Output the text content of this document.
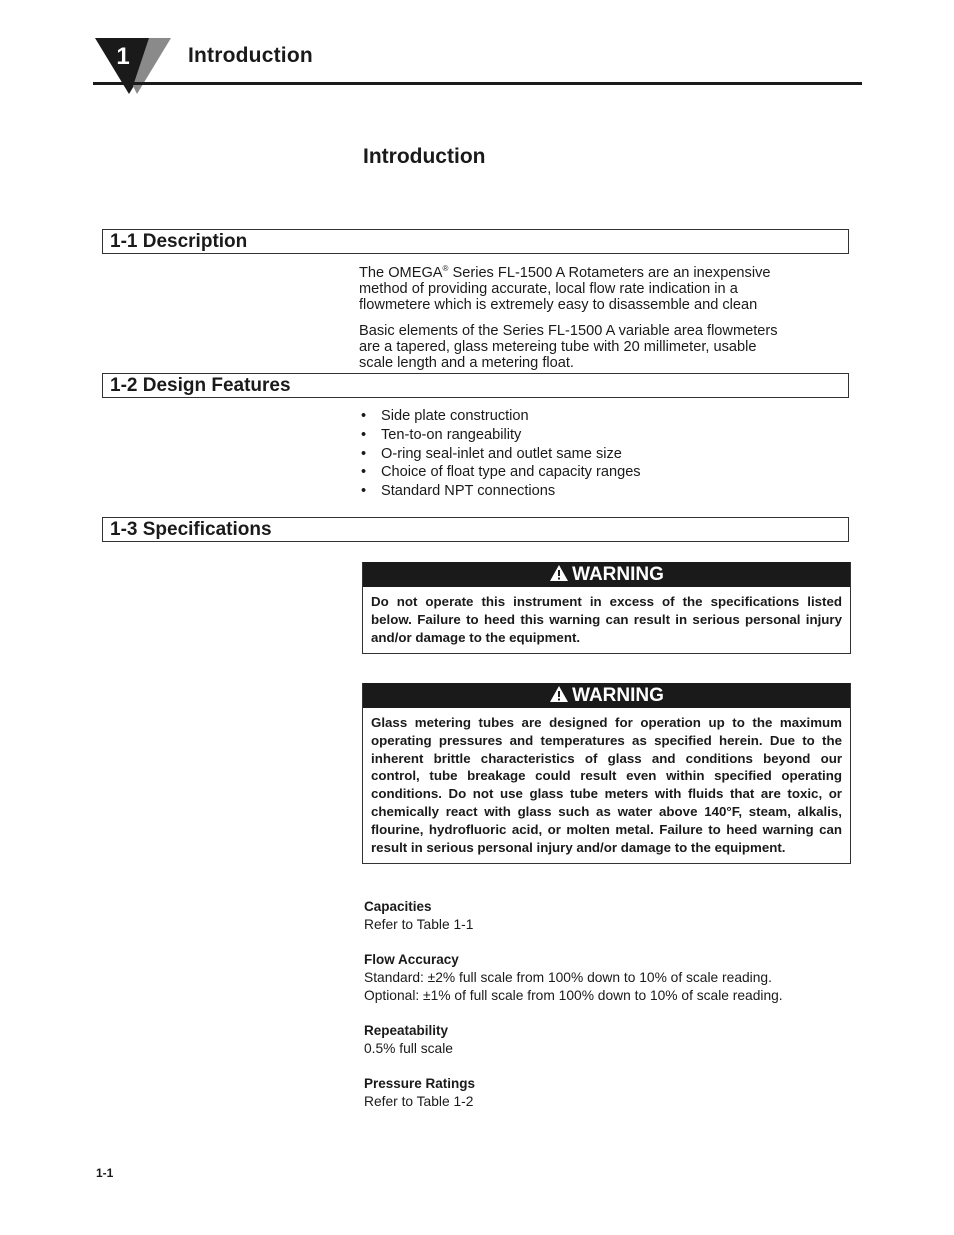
1	Introduction
Introduction
1-1 Description
The OMEGA® Series FL-1500 A Rotameters are an inexpensive
method of providing accurate, local flow rate indication in a
flowmetere which is extremely easy to disassemble and clean
Basic elements of the Series FL-1500 A variable area flowmeters
are a tapered, glass metereing tube with 20 millimeter, usable
scale length and a metering float.
1-2 Design Features
• Side plate construction
• Ten-to-on rangeability
• O-ring seal-inlet and outlet same size
• Choice of float type and capacity ranges
• Standard NPT connections
1-3 Specifications
WARNING
Do not operate this instrument in excess of the specifications listed below. Failure to heed this warning can result in serious personal injury and/or damage to the equipment.
WARNING
Glass metering tubes are designed for operation up to the maximum operating pressures and temperatures as specified herein. Due to the inherent brittle characteristics of glass and conditions beyond our control, tube breakage could result even within specified operating conditions. Do not use glass tube meters with fluids that are toxic, or chemically react with glass such as water above 140°F, steam, alkalis, flourine, hydrofluoric acid, or molten metal. Failure to heed warning can result in serious personal injury and/or damage to the equipment.
Capacities
Refer to Table 1-1
Flow Accuracy
Standard: ±2% full scale from 100% down to 10% of scale reading.
Optional: ±1% of full scale from 100% down to 10% of scale reading.
Repeatability
0.5% full scale
Pressure Ratings
Refer to Table 1-2
1-1
